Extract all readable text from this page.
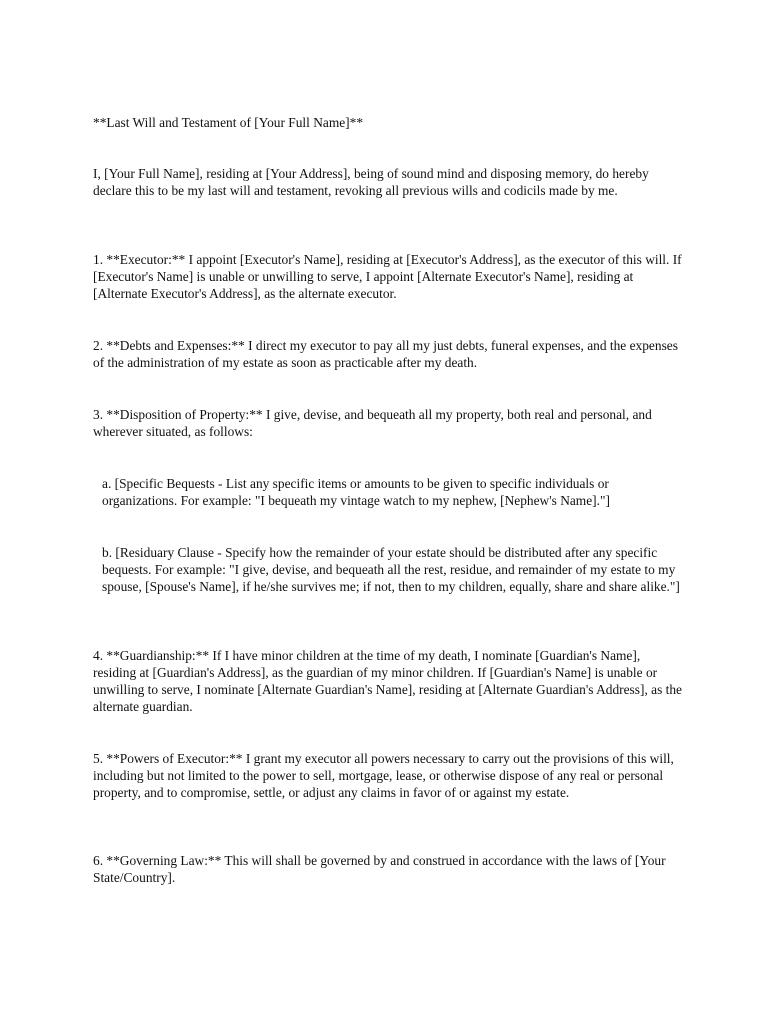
**Last Will and Testament of [Your Full Name]**

I, [Your Full Name], residing at [Your Address], being of sound mind and disposing memory, do hereby declare this to be my last will and testament, revoking all previous wills and codicils made by me.

1. **Executor:** I appoint [Executor's Name], residing at [Executor's Address], as the executor of this will. If [Executor's Name] is unable or unwilling to serve, I appoint [Alternate Executor's Name], residing at [Alternate Executor's Address], as the alternate executor.

2. **Debts and Expenses:** I direct my executor to pay all my just debts, funeral expenses, and the expenses of the administration of my estate as soon as practicable after my death.

3. **Disposition of Property:** I give, devise, and bequeath all my property, both real and personal, and wherever situated, as follows:

a. [Specific Bequests - List any specific items or amounts to be given to specific individuals or organizations. For example: "I bequeath my vintage watch to my nephew, [Nephew's Name]."]

b. [Residuary Clause - Specify how the remainder of your estate should be distributed after any specific bequests. For example: "I give, devise, and bequeath all the rest, residue, and remainder of my estate to my spouse, [Spouse's Name], if he/she survives me; if not, then to my children, equally, share and share alike."]

4. **Guardianship:** If I have minor children at the time of my death, I nominate [Guardian's Name], residing at [Guardian's Address], as the guardian of my minor children. If [Guardian's Name] is unable or unwilling to serve, I nominate [Alternate Guardian's Name], residing at [Alternate Guardian's Address], as the alternate guardian.

5. **Powers of Executor:** I grant my executor all powers necessary to carry out the provisions of this will, including but not limited to the power to sell, mortgage, lease, or otherwise dispose of any real or personal property, and to compromise, settle, or adjust any claims in favor of or against my estate.

6. **Governing Law:** This will shall be governed by and construed in accordance with the laws of [Your State/Country].
